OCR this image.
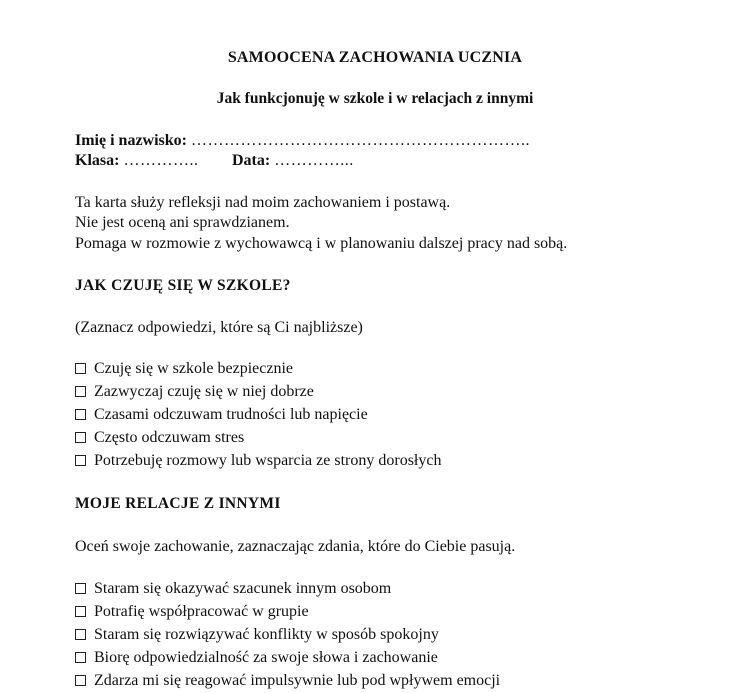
SAMOOCENA ZACHOWANIA UCZNIA
Jak funkcjonuję w szkole i w relacjach z innymi
Imię i nazwisko: ……………………………………………………..
Klasa: ………….. Data: …………...
Ta karta służy refleksji nad moim zachowaniem i postawą.
Nie jest oceną ani sprawdzianem.
Pomaga w rozmowie z wychowawcą i w planowaniu dalszej pracy nad sobą.
JAK CZUJĘ SIĘ W SZKOLE?
(Zaznacz odpowiedzi, które są Ci najbliższe)
Czuję się w szkole bezpiecznie
Zazwyczaj czuję się w niej dobrze
Czasami odczuwam trudności lub napięcie
Często odczuwam stres
Potrzebuję rozmowy lub wsparcia ze strony dorosłych
MOJE RELACJE Z INNYMI
Oceń swoje zachowanie, zaznaczając zdania, które do Ciebie pasują.
Staram się okazywać szacunek innym osobom
Potrafię współpracować w grupie
Staram się rozwiązywać konflikty w sposób spokojny
Biorę odpowiedzialność za swoje słowa i zachowanie
Zdarza mi się reagować impulsywnie lub pod wpływem emocji
